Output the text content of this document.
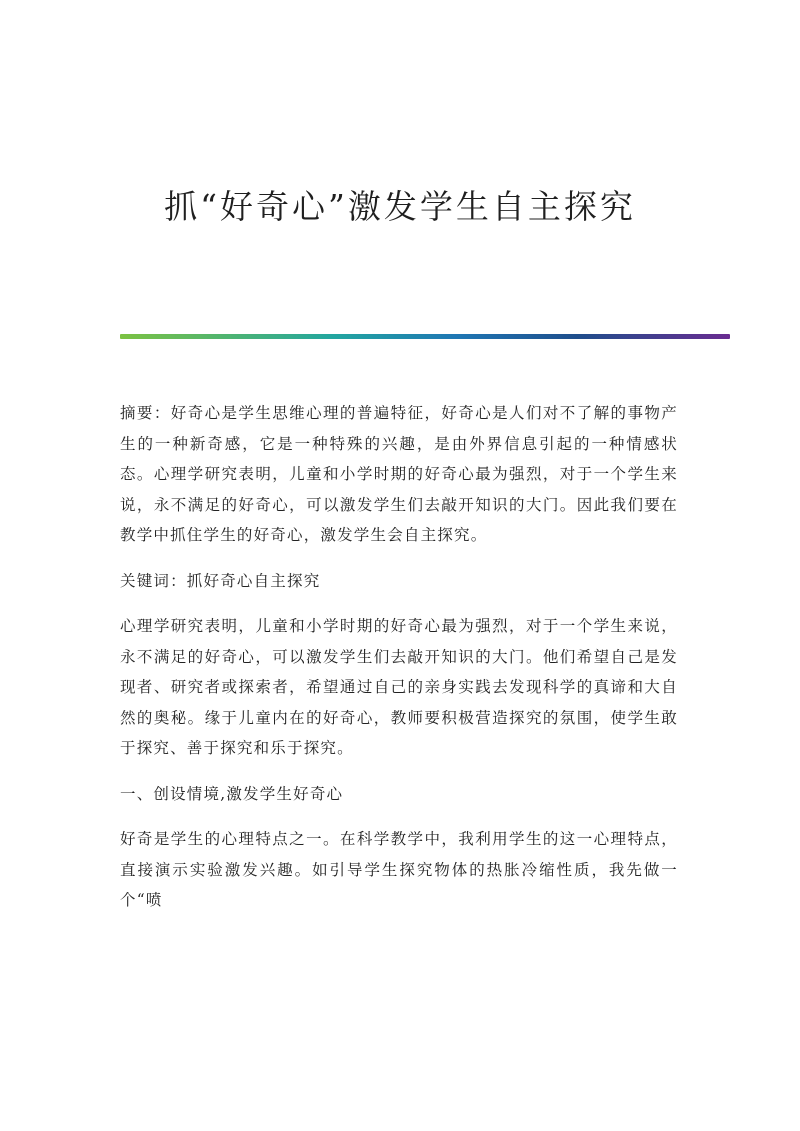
抓“好奇心”激发学生自主探究

摘要：好奇心是学生思维心理的普遍特征，好奇心是人们对不了解的事物产生的一种新奇感，它是一种特殊的兴趣，是由外界信息引起的一种情感状态。心理学研究表明，儿童和小学时期的好奇心最为强烈，对于一个学生来说，永不满足的好奇心，可以激发学生们去敲开知识的大门。因此我们要在教学中抓住学生的好奇心，激发学生会自主探究。

关键词：抓好奇心自主探究

心理学研究表明，儿童和小学时期的好奇心最为强烈，对于一个学生来说，永不满足的好奇心，可以激发学生们去敲开知识的大门。他们希望自己是发现者、研究者或探索者，希望通过自己的亲身实践去发现科学的真谛和大自然的奥秘。缘于儿童内在的好奇心，教师要积极营造探究的氛围，使学生敢于探究、善于探究和乐于探究。

一、创设情境,激发学生好奇心

好奇是学生的心理特点之一。在科学教学中，我利用学生的这一心理特点，直接演示实验激发兴趣。如引导学生探究物体的热胀冷缩性质，我先做一个“喷
